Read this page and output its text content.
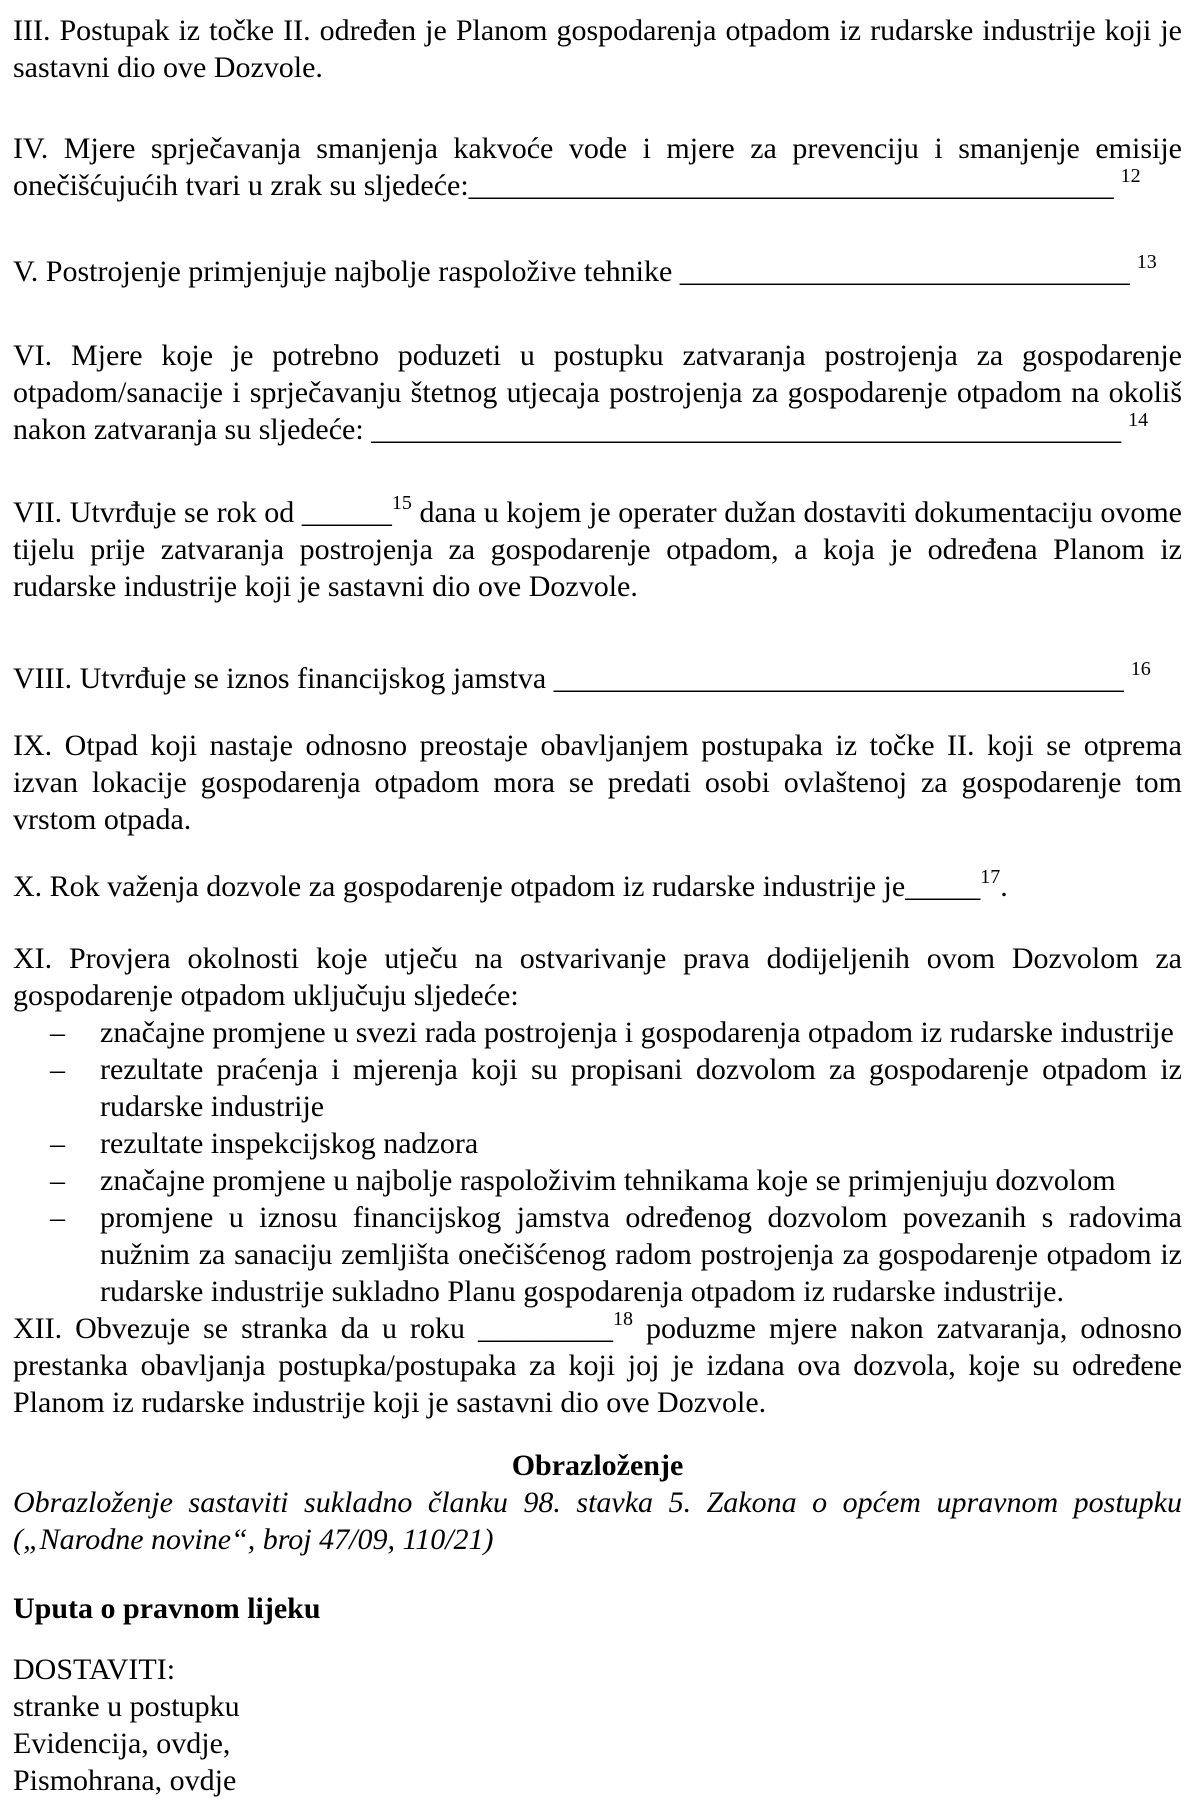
III. Postupak iz točke II. određen je Planom gospodarenja otpadom iz rudarske industrije koji je sastavni dio ove Dozvole.

IV. Mjere sprječavanja smanjenja kakvoće vode i mjere za prevenciju i smanjenje emisije onečišćujućih tvari u zrak su sljedeće:___________________________________________ $^{12}$

V. Postrojenje primjenjuje najbolje raspoložive tehnike ______________________________ $^{13}$

VI. Mjere koje je potrebno poduzeti u postupku zatvaranja postrojenja za gospodarenje otpadom/sanacije i sprječavanju štetnog utjecaja postrojenja za gospodarenje otpadom na okoliš nakon zatvaranja su sljedeće: __________________________________________________ $^{14}$

VII. Utvrđuje se rok od ______$^{15}$ dana u kojem je operater dužan dostaviti dokumentaciju ovome tijelu prije zatvaranja postrojenja za gospodarenje otpadom, a koja je određena Planom iz rudarske industrije koji je sastavni dio ove Dozvole.

VIII. Utvrđuje se iznos financijskog jamstva ______________________________________ $^{16}$

IX. Otpad koji nastaje odnosno preostaje obavljanjem postupaka iz točke II. koji se otprema izvan lokacije gospodarenja otpadom mora se predati osobi ovlaštenoj za gospodarenje tom vrstom otpada.

X. Rok važenja dozvole za gospodarenje otpadom iz rudarske industrije je_____$^{17}$.

XI. Provjera okolnosti koje utječu na ostvarivanje prava dodijeljenih ovom Dozvolom za gospodarenje otpadom uključuju sljedeće:

– značajne promjene u svezi rada postrojenja i gospodarenja otpadom iz rudarske industrije
– rezultate praćenja i mjerenja koji su propisani dozvolom za gospodarenje otpadom iz rudarske industrije
– rezultate inspekcijskog nadzora
– značajne promjene u najbolje raspoloživim tehnikama koje se primjenjuju dozvolom
– promjene u iznosu financijskog jamstva određenog dozvolom povezanih s radovima nužnim za sanaciju zemljišta onečišćenog radom postrojenja za gospodarenje otpadom iz rudarske industrije sukladno Planu gospodarenja otpadom iz rudarske industrije.

XII. Obvezuje se stranka da u roku _________$^{18}$ poduzme mjere nakon zatvaranja, odnosno prestanka obavljanja postupka/postupaka za koji joj je izdana ova dozvola, koje su određene Planom iz rudarske industrije koji je sastavni dio ove Dozvole.

Obrazloženje

Obrazloženje sastaviti sukladno članku 98. stavka 5. Zakona o općem upravnom postupku („Narodne novine“, broj 47/09, 110/21)

Uputa o pravnom lijeku

DOSTAVITI:

stranke u postupku

Evidencija, ovdje,

Pismohrana, ovdje
